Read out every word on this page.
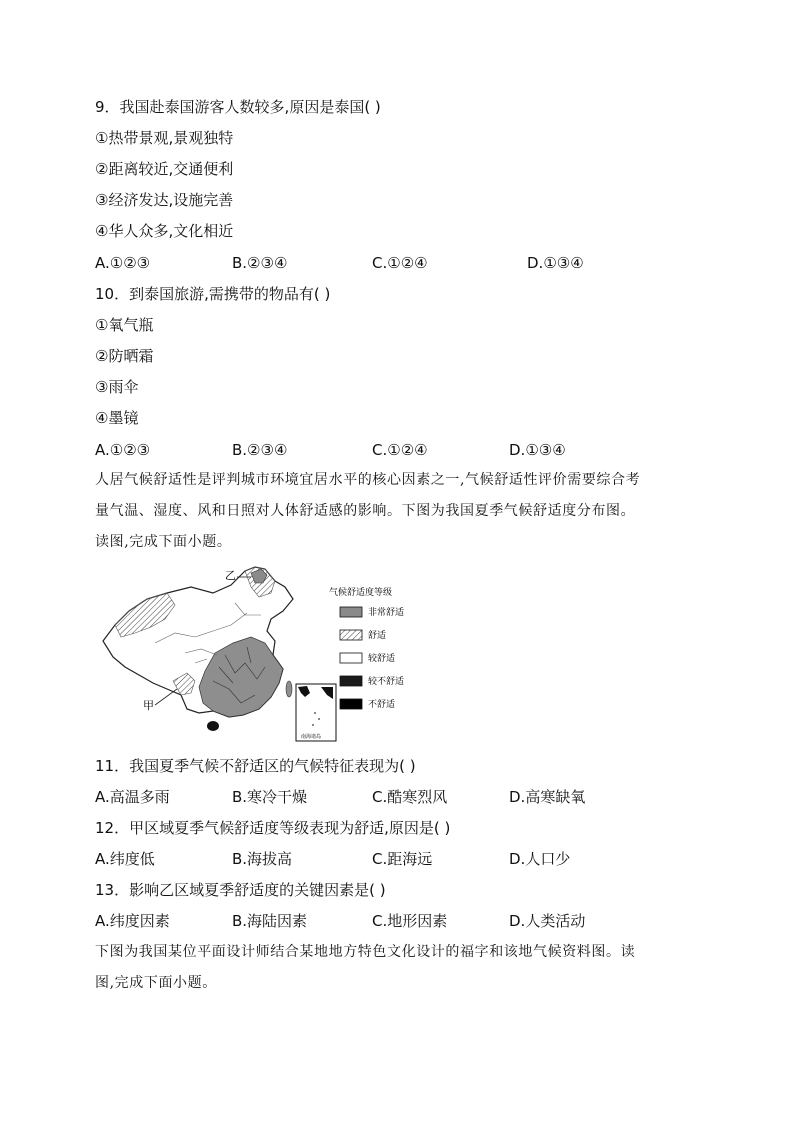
9．我国赴泰国游客人数较多,原因是泰国( )
①热带景观,景观独特
②距离较近,交通便利
③经济发达,设施完善
④华人众多,文化相近
A.①②③	B.②③④	C.①②④	D.①③④
10．到泰国旅游,需携带的物品有( )
①氧气瓶
②防晒霜
③雨伞
④墨镜
A.①②③	B.②③④	C.①②④	D.①③④
人居气候舒适性是评判城市环境宜居水平的核心因素之一,气候舒适性评价需要综合考
量气温、湿度、风和日照对人体舒适感的影响。下图为我国夏季气候舒适度分布图。
读图,完成下面小题。
乙
甲
南海诸岛
气候舒适度等级
非常舒适
舒适
较舒适
较不舒适
不舒适
11．我国夏季气候不舒适区的气候特征表现为( )
A.高温多雨	B.寒冷干燥	C.酷寒烈风	D.高寒缺氧
12．甲区域夏季气候舒适度等级表现为舒适,原因是( )
A.纬度低	B.海拔高	C.距海远	D.人口少
13．影响乙区域夏季舒适度的关键因素是( )
A.纬度因素	B.海陆因素	C.地形因素	D.人类活动
下图为我国某位平面设计师结合某地地方特色文化设计的福字和该地气候资料图。读
图,完成下面小题。
